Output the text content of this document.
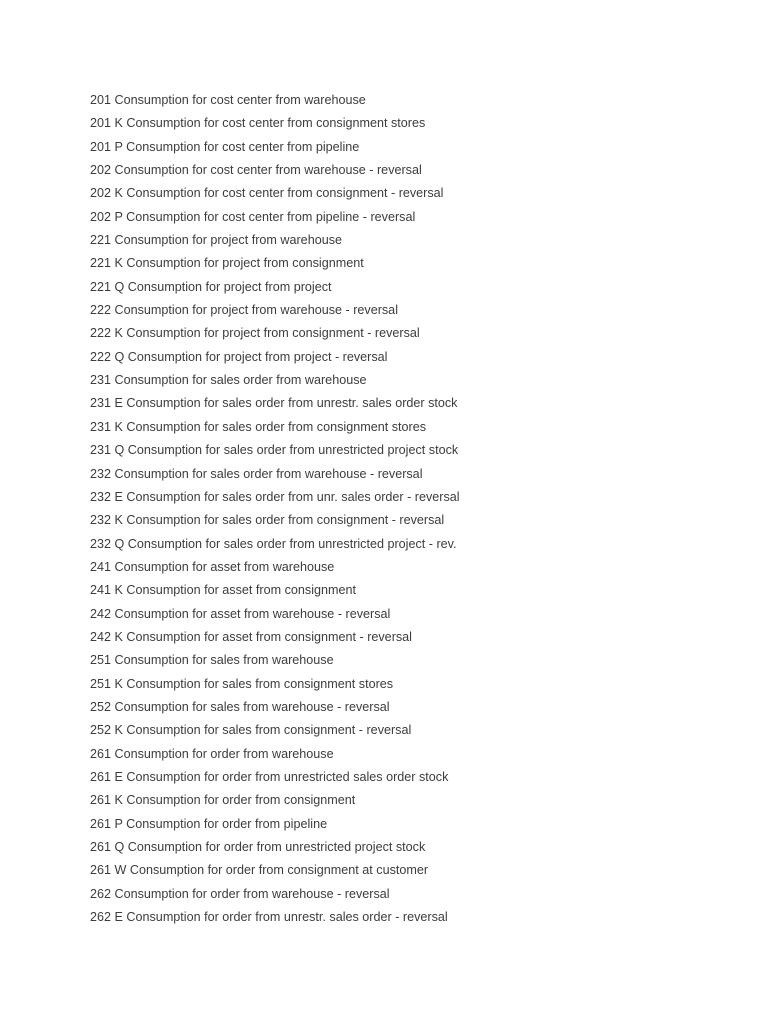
201 Consumption for cost center from warehouse
201 K Consumption for cost center from consignment stores
201 P Consumption for cost center from pipeline
202 Consumption for cost center from warehouse - reversal
202 K Consumption for cost center from consignment - reversal
202 P Consumption for cost center from pipeline - reversal
221 Consumption for project from warehouse
221 K Consumption for project from consignment
221 Q Consumption for project from project
222 Consumption for project from warehouse - reversal
222 K Consumption for project from consignment - reversal
222 Q Consumption for project from project - reversal
231 Consumption for sales order from warehouse
231 E Consumption for sales order from unrestr. sales order stock
231 K Consumption for sales order from consignment stores
231 Q Consumption for sales order from unrestricted project stock
232 Consumption for sales order from warehouse - reversal
232 E Consumption for sales order from unr. sales order - reversal
232 K Consumption for sales order from consignment - reversal
232 Q Consumption for sales order from unrestricted project - rev.
241 Consumption for asset from warehouse
241 K Consumption for asset from consignment
242 Consumption for asset from warehouse - reversal
242 K Consumption for asset from consignment - reversal
251 Consumption for sales from warehouse
251 K Consumption for sales from consignment stores
252 Consumption for sales from warehouse - reversal
252 K Consumption for sales from consignment - reversal
261 Consumption for order from warehouse
261 E Consumption for order from unrestricted sales order stock
261 K Consumption for order from consignment
261 P Consumption for order from pipeline
261 Q Consumption for order from unrestricted project stock
261 W Consumption for order from consignment at customer
262 Consumption for order from warehouse - reversal
262 E Consumption for order from unrestr. sales order - reversal
